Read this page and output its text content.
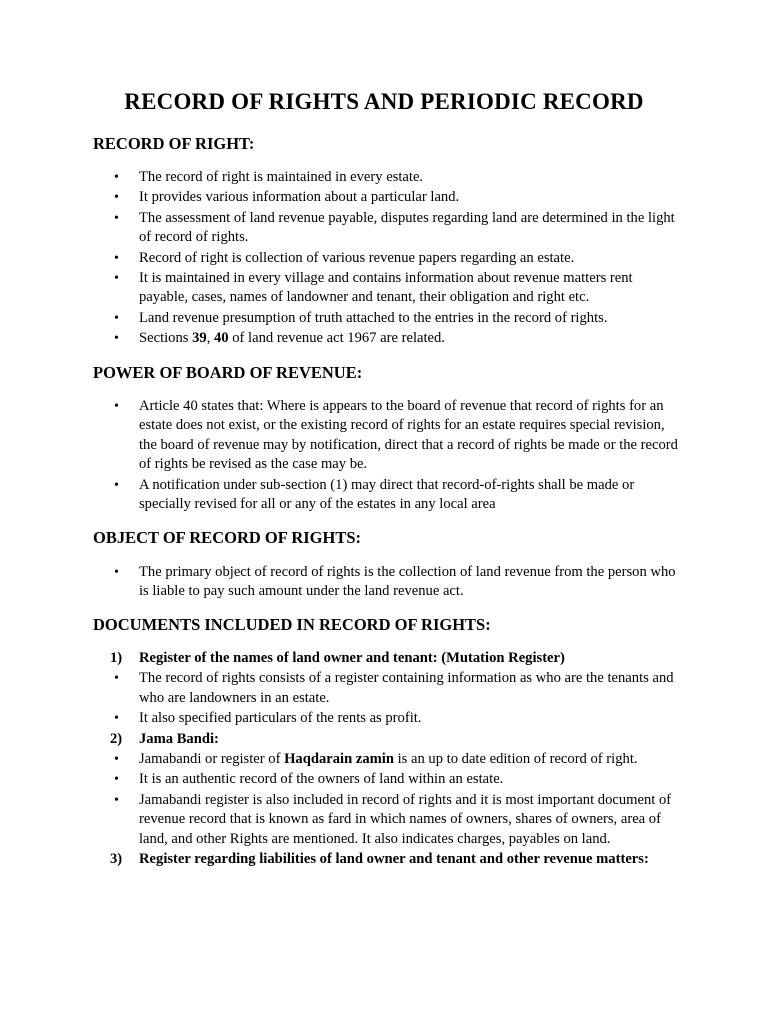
RECORD OF RIGHTS AND PERIODIC RECORD
RECORD OF RIGHT:
• The record of right is maintained in every estate.
• It provides various information about a particular land.
• The assessment of land revenue payable, disputes regarding land are determined in the light of record of rights.
• Record of right is collection of various revenue papers regarding an estate.
• It is maintained in every village and contains information about revenue matters rent payable, cases, names of landowner and tenant, their obligation and right etc.
• Land revenue presumption of truth attached to the entries in the record of rights.
• Sections 39, 40 of land revenue act 1967 are related.
POWER OF BOARD OF REVENUE:
• Article 40 states that: Where is appears to the board of revenue that record of rights for an estate does not exist, or the existing record of rights for an estate requires special revision, the board of revenue may by notification, direct that a record of rights be made or the record of rights be revised as the case may be.
• A notification under sub-section (1) may direct that record-of-rights shall be made or specially revised for all or any of the estates in any local area
OBJECT OF RECORD OF RIGHTS:
• The primary object of record of rights is the collection of land revenue from the person who is liable to pay such amount under the land revenue act.
DOCUMENTS INCLUDED IN RECORD OF RIGHTS:
1) Register of the names of land owner and tenant: (Mutation Register)
• The record of rights consists of a register containing information as who are the tenants and who are landowners in an estate.
• It also specified particulars of the rents as profit.
2) Jama Bandi:
• Jamabandi or register of Haqdarain zamin is an up to date edition of record of right.
• It is an authentic record of the owners of land within an estate.
• Jamabandi register is also included in record of rights and it is most important document of revenue record that is known as fard in which names of owners, shares of owners, area of land, and other Rights are mentioned. It also indicates charges, payables on land.
3) Register regarding liabilities of land owner and tenant and other revenue matters:
